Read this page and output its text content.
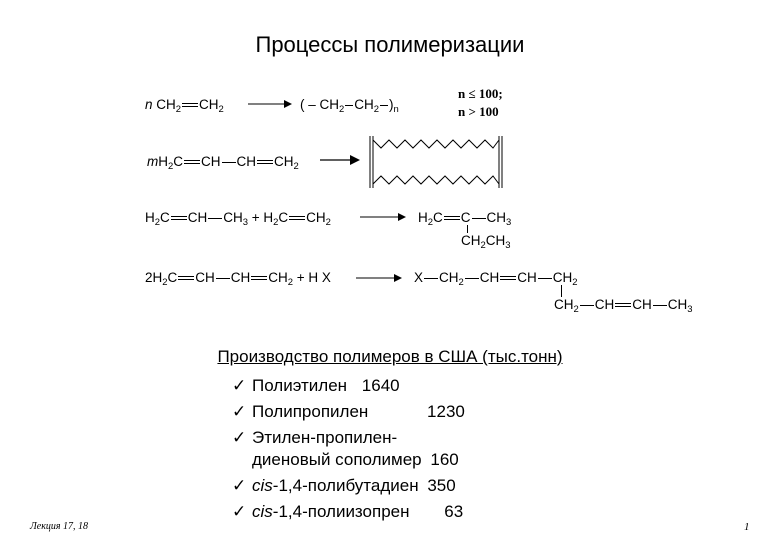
Процессы полимеризации
n $CH_2$ $CH_2$ → ( – $CH_2$ $CH_2$ )$_n$
n ≤ 100;
n > 100
$mH_2C$ CH CH $CH_2$ →
$H_2C$ CH $CH_3 + H_2C$ $CH_2 \to H_2C$ C $CH_3$
$CH_2CH_3$
$2H_2C$ CH CH $CH_2 + H$ X → X $CH_2$ CH CH $CH_2$
$CH_2$ CH CH $CH_3$
Производство полимеров в США (тыс.тонн)
✓ Полиэтилен 1640
✓ Полипропилен	1230
✓ Этилен-пропилен-
диеновый сополимер 160
✓ cis-1,4-полибутадиен 350
✓ cis-1,4-полиизопрен 63
Лекция 17, 18	1
